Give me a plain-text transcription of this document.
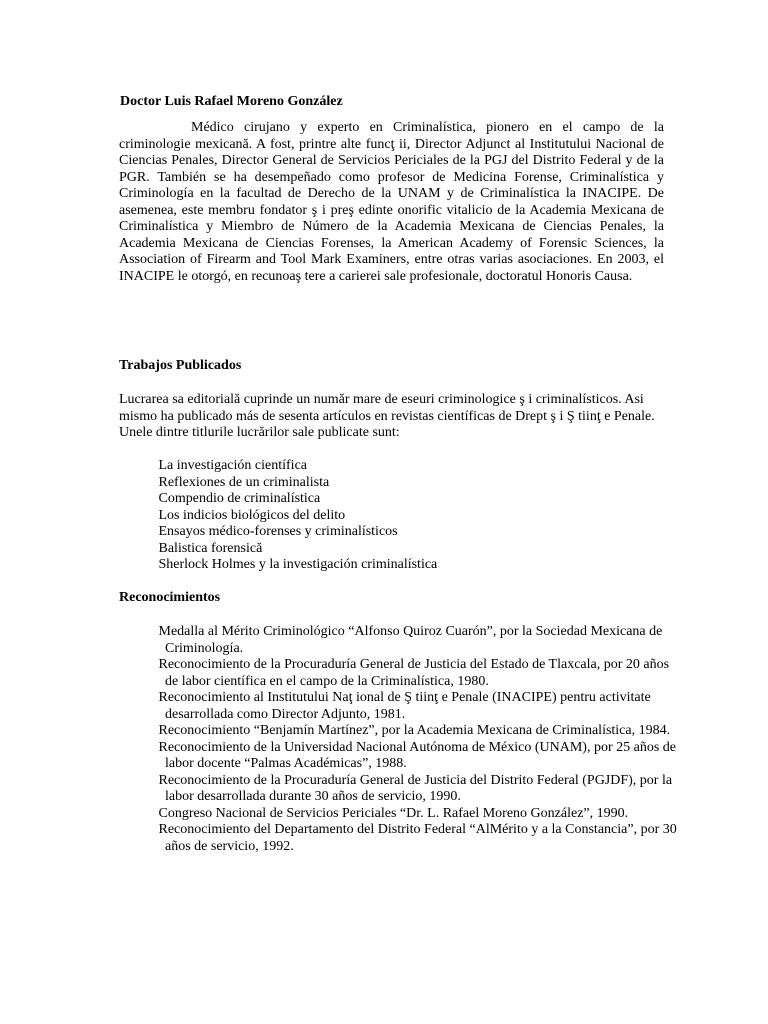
Doctor Luis Rafael Moreno González
Médico cirujano y experto en Criminalística, pionero en el campo de la criminologie mexicană. A fost, printre alte funcţ ii, Director Adjunct al Institutului Nacional de Ciencias Penales, Director General de Servicios Periciales de la PGJ del Distrito Federal y de la PGR. También se ha desempeñado como profesor de Medicina Forense, Criminalística y Criminología en la facultad de Derecho de la UNAM y de Criminalística la INACIPE. De asemenea, este membru fondator ş i preş edinte onorific vitalicio de la Academia Mexicana de Criminalística y Miembro de Número de la Academia Mexicana de Ciencias Penales, la Academia Mexicana de Ciencias Forenses, la American Academy of Forensic Sciences, la Association of Firearm and Tool Mark Examiners, entre otras varias asociaciones. En 2003, el INACIPE le otorgó, en recunoaş tere a carierei sale profesionale, doctoratul Honoris Causa.
Trabajos Publicados
Lucrarea sa editorială cuprinde un număr mare de eseuri criminologice ş i criminalísticos. Asi mismo ha publicado más de sesenta artículos en revistas científicas de Drept ş i Ş tiinţ e Penale. Unele dintre titlurile lucrărilor sale publicate sunt:
La investigación científica
Reflexiones de un criminalista
Compendio de criminalística
Los indicios biológicos del delito
Ensayos médico-forenses y criminalísticos
Balistica forensică
Sherlock Holmes y la investigación criminalística
Reconocimientos
Medalla al Mérito Criminológico “Alfonso Quiroz Cuarón”, por la Sociedad Mexicana de Criminología.
Reconocimiento de la Procuraduría General de Justicia del Estado de Tlaxcala, por 20 años de labor científica en el campo de la Criminalística, 1980.
Reconocimiento al Institutului Naţ ional de Ş tiinţ e Penale (INACIPE) pentru activitate desarrollada como Director Adjunto, 1981.
Reconocimiento “Benjamín Martínez”, por la Academia Mexicana de Criminalística, 1984.
Reconocimiento de la Universidad Nacional Autónoma de México (UNAM), por 25 años de labor docente “Palmas Académicas”, 1988.
Reconocimiento de la Procuraduría General de Justicia del Distrito Federal (PGJDF), por la labor desarrollada durante 30 años de servicio, 1990.
Congreso Nacional de Servicios Periciales “Dr. L. Rafael Moreno González”, 1990.
Reconocimiento del Departamento del Distrito Federal “AlMérito y a la Constancia”, por 30 años de servicio, 1992.
